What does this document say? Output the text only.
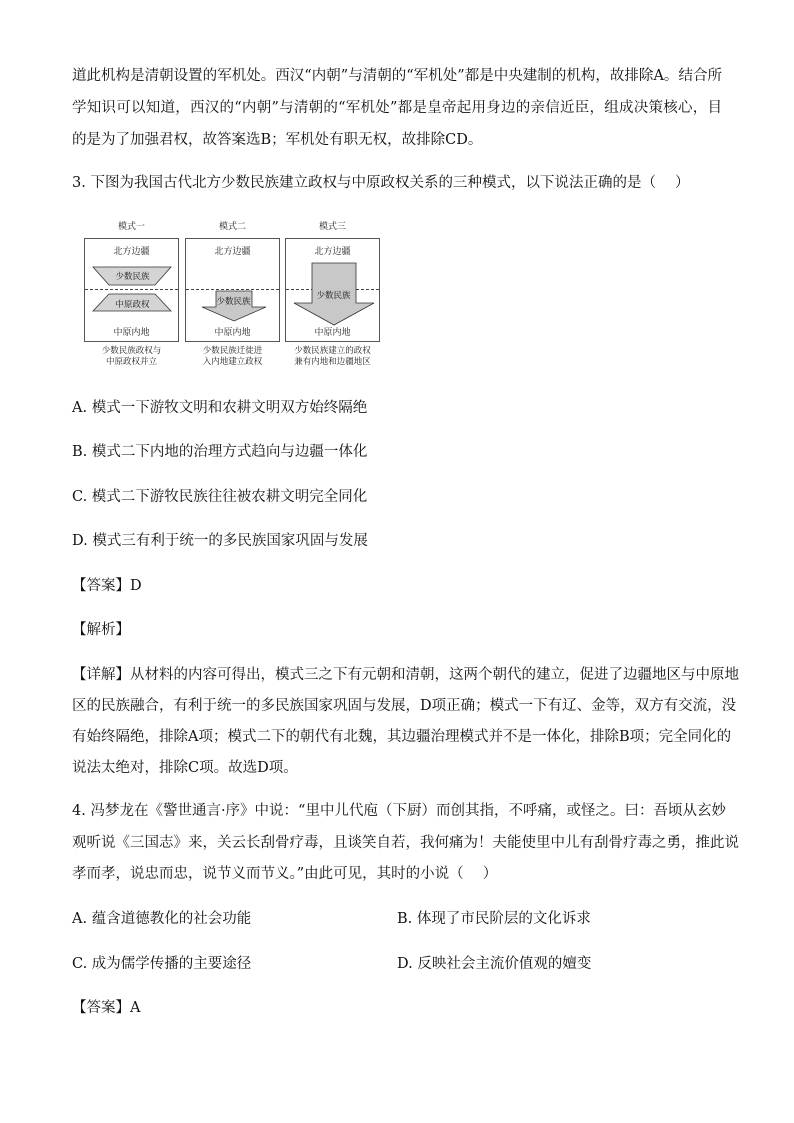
道此机构是清朝设置的军机处。西汉“内朝”与清朝的“军机处”都是中央建制的机构，故排除A。结合所
学知识可以知道，西汉的“内朝”与清朝的“军机处”都是皇帝起用身边的亲信近臣，组成决策核心，目
的是为了加强君权，故答案选B；军机处有职无权，故排除CD。
3. 下图为我国古代北方少数民族建立政权与中原政权关系的三种模式，以下说法正确的是（　 ）
模式一	模式二	模式三
北方边疆
少数民族
中原政权
中原内地
北方边疆
少数民族
中原内地
北方边疆
少数民族
中原内地
少数民族政权与
中原政权并立
少数民族迁徙进
入内地建立政权
少数民族建立的政权
兼有内地和边疆地区
A. 模式一下游牧文明和农耕文明双方始终隔绝
B. 模式二下内地的治理方式趋向与边疆一体化
C. 模式二下游牧民族往往被农耕文明完全同化
D. 模式三有利于统一的多民族国家巩固与发展
【答案】D
【解析】
【详解】从材料的内容可得出，模式三之下有元朝和清朝，这两个朝代的建立，促进了边疆地区与中原地
区的民族融合，有利于统一的多民族国家巩固与发展，D项正确；模式一下有辽、金等，双方有交流，没
有始终隔绝，排除A项；模式二下的朝代有北魏，其边疆治理模式并不是一体化，排除B项；完全同化的
说法太绝对，排除C项。故选D项。
4. 冯梦龙在《警世通言·序》中说：“里中儿代庖（下厨）而创其指，不呼痛，或怪之。曰：吾顷从玄妙
观听说《三国志》来，关云长刮骨疗毒，且谈笑自若，我何痛为！夫能使里中儿有刮骨疗毒之勇，推此说
孝而孝，说忠而忠，说节义而节义。”由此可见，其时的小说（　 ）
A. 蕴含道德教化的社会功能	B. 体现了市民阶层的文化诉求
C. 成为儒学传播的主要途径	D. 反映社会主流价值观的嬗变
【答案】A
